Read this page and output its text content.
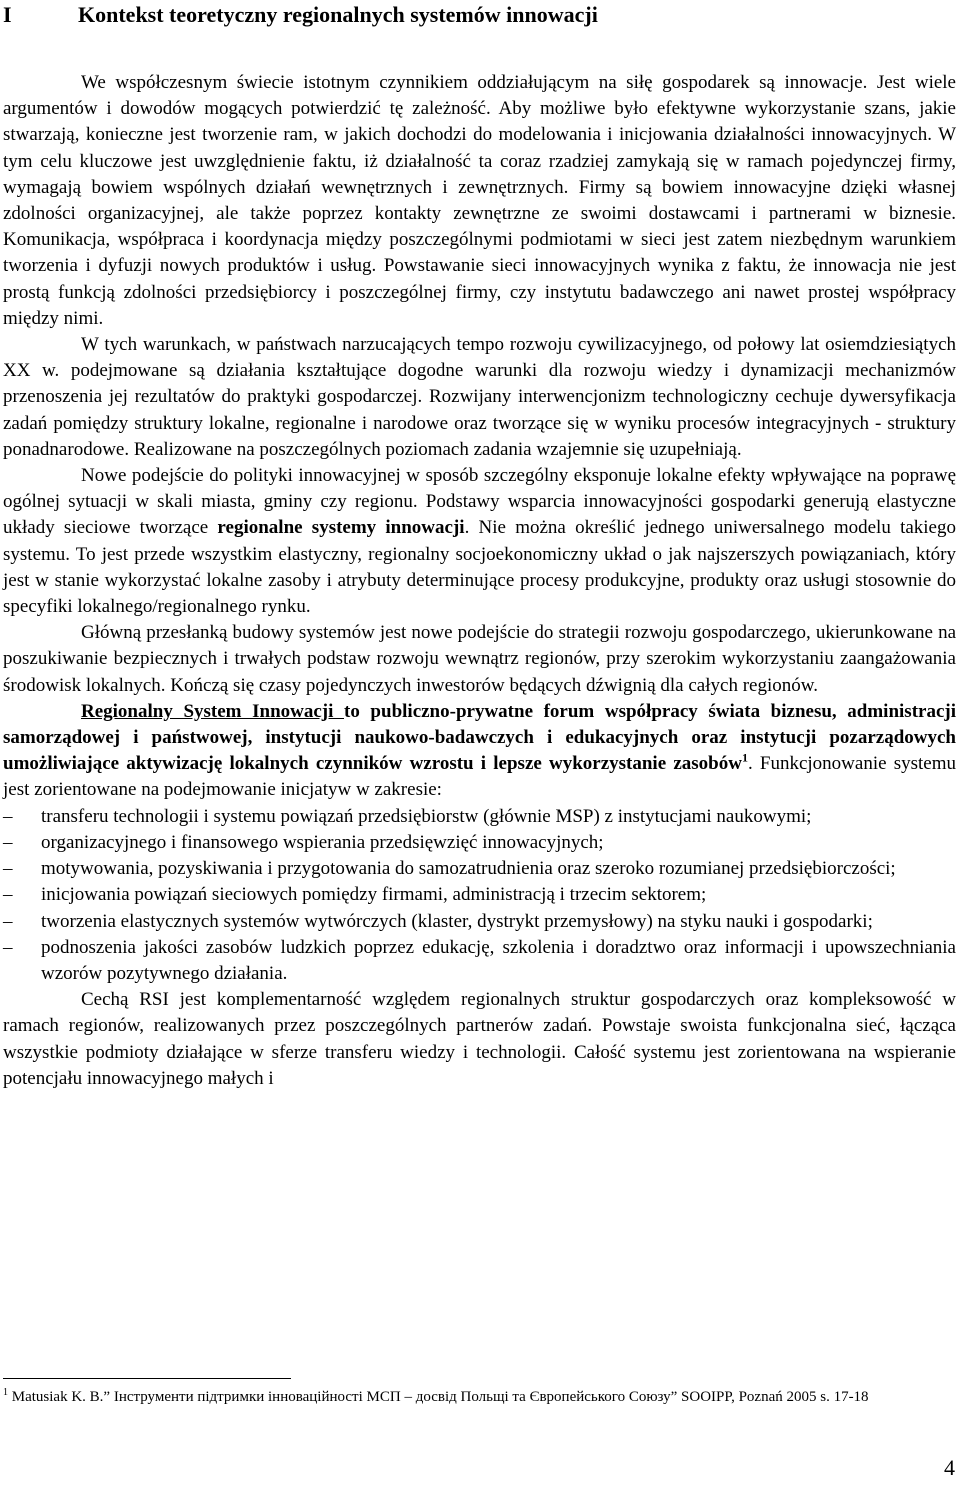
I	Kontekst teoretyczny regionalnych systemów innowacji

We współczesnym świecie istotnym czynnikiem oddziałującym na siłę gospodarek są innowacje. Jest wiele argumentów i dowodów mogących potwierdzić tę zależność. Aby możliwe było efektywne wykorzystanie szans, jakie stwarzają, konieczne jest tworzenie ram, w jakich dochodzi do modelowania i inicjowania działalności innowacyjnych. W tym celu kluczowe jest uwzględnienie faktu, iż działalność ta coraz rzadziej zamykają się w ramach pojedynczej firmy, wymagają bowiem wspólnych działań wewnętrznych i zewnętrznych. Firmy są bowiem innowacyjne dzięki własnej zdolności organizacyjnej, ale także poprzez kontakty zewnętrzne ze swoimi dostawcami i partnerami w biznesie. Komunikacja, współpraca i koordynacja między poszczególnymi podmiotami w sieci jest zatem niezbędnym warunkiem tworzenia i dyfuzji nowych produktów i usług. Powstawanie sieci innowacyjnych wynika z faktu, że innowacja nie jest prostą funkcją zdolności przedsiębiorcy i poszczególnej firmy, czy instytutu badawczego ani nawet prostej współpracy między nimi.

W tych warunkach, w państwach narzucających tempo rozwoju cywilizacyjnego, od połowy lat osiemdziesiątych XX w. podejmowane są działania kształtujące dogodne warunki dla rozwoju wiedzy i dynamizacji mechanizmów przenoszenia jej rezultatów do praktyki gospodarczej. Rozwijany interwencjonizm technologiczny cechuje dywersyfikacja zadań pomiędzy struktury lokalne, regionalne i narodowe oraz tworzące się w wyniku procesów integracyjnych - struktury ponadnarodowe. Realizowane na poszczególnych poziomach zadania wzajemnie się uzupełniają.

Nowe podejście do polityki innowacyjnej w sposób szczególny eksponuje lokalne efekty wpływające na poprawę ogólnej sytuacji w skali miasta, gminy czy regionu. Podstawy wsparcia innowacyjności gospodarki generują elastyczne układy sieciowe tworzące regionalne systemy innowacji. Nie można określić jednego uniwersalnego modelu takiego systemu. To jest przede wszystkim elastyczny, regionalny socjoekonomiczny układ o jak najszerszych powiązaniach, który jest w stanie wykorzystać lokalne zasoby i atrybuty determinujące procesy produkcyjne, produkty oraz usługi stosownie do specyfiki lokalnego/regionalnego rynku.

Główną przesłanką budowy systemów jest nowe podejście do strategii rozwoju gospodarczego, ukierunkowane na poszukiwanie bezpiecznych i trwałych podstaw rozwoju wewnątrz regionów, przy szerokim wykorzystaniu zaangażowania środowisk lokalnych. Kończą się czasy pojedynczych inwestorów będących dźwignią dla całych regionów.

Regionalny System Innowacji to publiczno-prywatne forum współpracy świata biznesu, administracji samorządowej i państwowej, instytucji naukowo-badawczych i edukacyjnych oraz instytucji pozarządowych umożliwiające aktywizację lokalnych czynników wzrostu i lepsze wykorzystanie zasobów$^1$. Funkcjonowanie systemu jest zorientowane na podejmowanie inicjatyw w zakresie:

– transferu technologii i systemu powiązań przedsiębiorstw (głównie MSP) z instytucjami naukowymi;
– organizacyjnego i finansowego wspierania przedsięwzięć innowacyjnych;
– motywowania, pozyskiwania i przygotowania do samozatrudnienia oraz szeroko rozumianej przedsiębiorczości;
– inicjowania powiązań sieciowych pomiędzy firmami, administracją i trzecim sektorem;
– tworzenia elastycznych systemów wytwórczych (klaster, dystrykt przemysłowy) na styku nauki i gospodarki;
– podnoszenia jakości zasobów ludzkich poprzez edukację, szkolenia i doradztwo oraz informacji i upowszechniania wzorów pozytywnego działania.

Cechą RSI jest komplementarność względem regionalnych struktur gospodarczych oraz kompleksowość w ramach regionów, realizowanych przez poszczególnych partnerów zadań. Powstaje swoista funkcjonalna sieć, łącząca wszystkie podmioty działające w sferze transferu wiedzy i technologii. Całość systemu jest zorientowana na wspieranie potencjału innowacyjnego małych i

$^1$ Matusiak K. B.” Інструменти підтримки інноваційності МСП – досвід Польщі та Європейського Союзу” SOOIPP, Poznań 2005 s. 17-18
4
